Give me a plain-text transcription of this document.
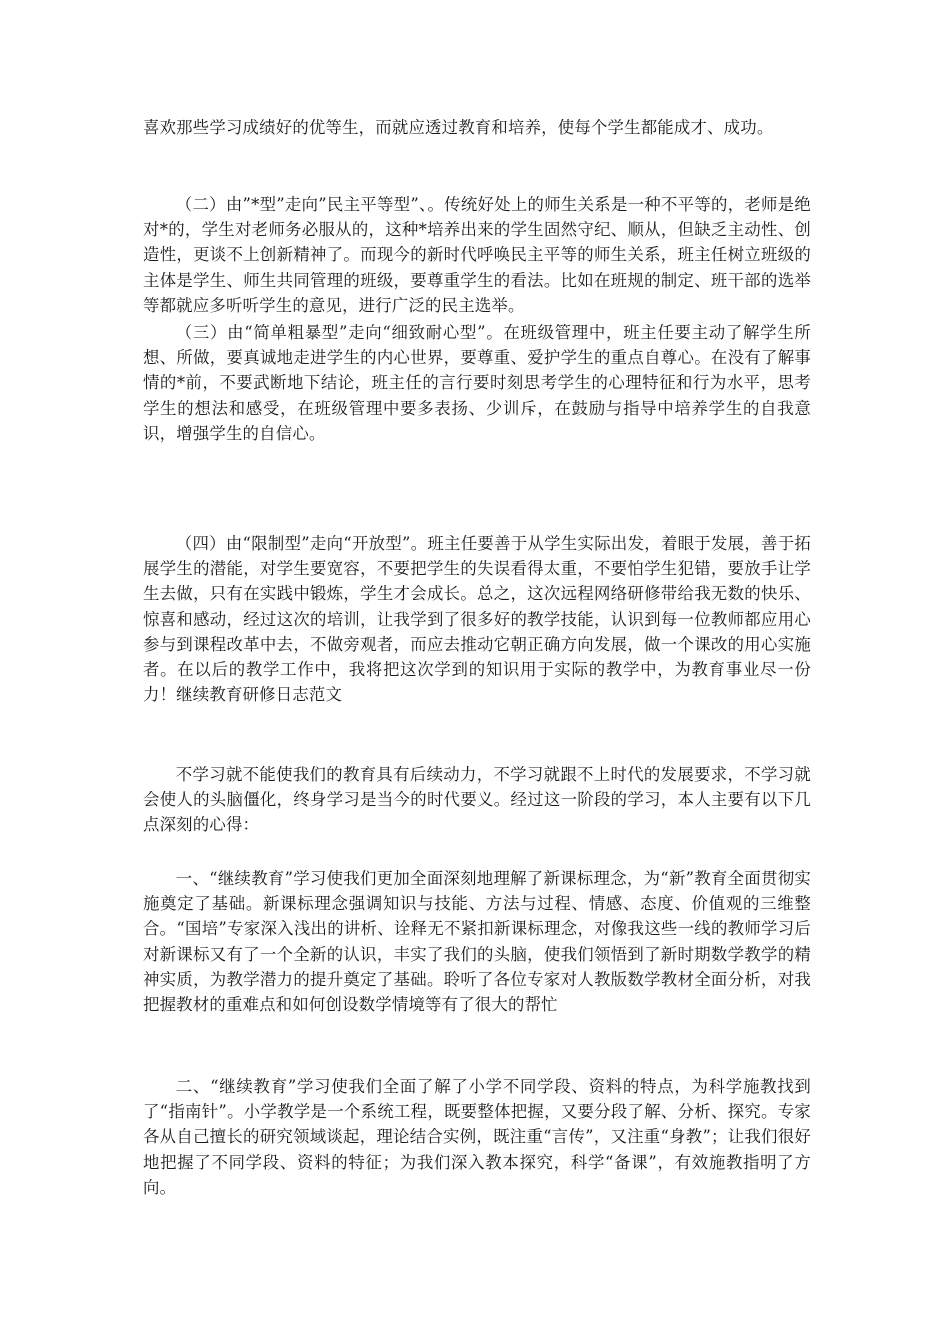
喜欢那些学习成绩好的优等生，而就应透过教育和培养，使每个学生都能成才、成功。

（二）由”*型”走向”民主平等型”、。传统好处上的师生关系是一种不平等的，老师是绝对*的，学生对老师务必服从的，这种*培养出来的学生固然守纪、顺从，但缺乏主动性、创造性，更谈不上创新精神了。而现今的新时代呼唤民主平等的师生关系，班主任树立班级的主体是学生、师生共同管理的班级，要尊重学生的看法。比如在班规的制定、班干部的选举等都就应多听听学生的意见，进行广泛的民主选举。

（三）由“简单粗暴型”走向“细致耐心型”。在班级管理中，班主任要主动了解学生所想、所做，要真诚地走进学生的内心世界，要尊重、爱护学生的重点自尊心。在没有了解事情的*前，不要武断地下结论，班主任的言行要时刻思考学生的心理特征和行为水平，思考学生的想法和感受，在班级管理中要多表扬、少训斥，在鼓励与指导中培养学生的自我意识，增强学生的自信心。

（四）由“限制型”走向“开放型”。班主任要善于从学生实际出发，着眼于发展，善于拓展学生的潜能，对学生要宽容，不要把学生的失误看得太重，不要怕学生犯错，要放手让学生去做，只有在实践中锻炼，学生才会成长。总之，这次远程网络研修带给我无数的快乐、惊喜和感动，经过这次的培训，让我学到了很多好的教学技能，认识到每一位教师都应用心参与到课程改革中去，不做旁观者，而应去推动它朝正确方向发展，做一个课改的用心实施者。在以后的教学工作中，我将把这次学到的知识用于实际的教学中，为教育事业尽一份力！继续教育研修日志范文

不学习就不能使我们的教育具有后续动力，不学习就跟不上时代的发展要求，不学习就会使人的头脑僵化，终身学习是当今的时代要义。经过这一阶段的学习，本人主要有以下几点深刻的心得：

一、“继续教育”学习使我们更加全面深刻地理解了新课标理念，为“新”教育全面贯彻实施奠定了基础。新课标理念强调知识与技能、方法与过程、情感、态度、价值观的三维整合。“国培”专家深入浅出的讲析、诠释无不紧扣新课标理念，对像我这些一线的教师学习后对新课标又有了一个全新的认识，丰实了我们的头脑，使我们领悟到了新时期数学教学的精神实质，为教学潜力的提升奠定了基础。聆听了各位专家对人教版数学教材全面分析，对我把握教材的重难点和如何创设数学情境等有了很大的帮忙

二、“继续教育”学习使我们全面了解了小学不同学段、资料的特点，为科学施教找到了“指南针”。小学教学是一个系统工程，既要整体把握，又要分段了解、分析、探究。专家各从自己擅长的研究领域谈起，理论结合实例，既注重“言传”，又注重“身教”；让我们很好地把握了不同学段、资料的特征；为我们深入教本探究，科学“备课”，有效施教指明了方向。
